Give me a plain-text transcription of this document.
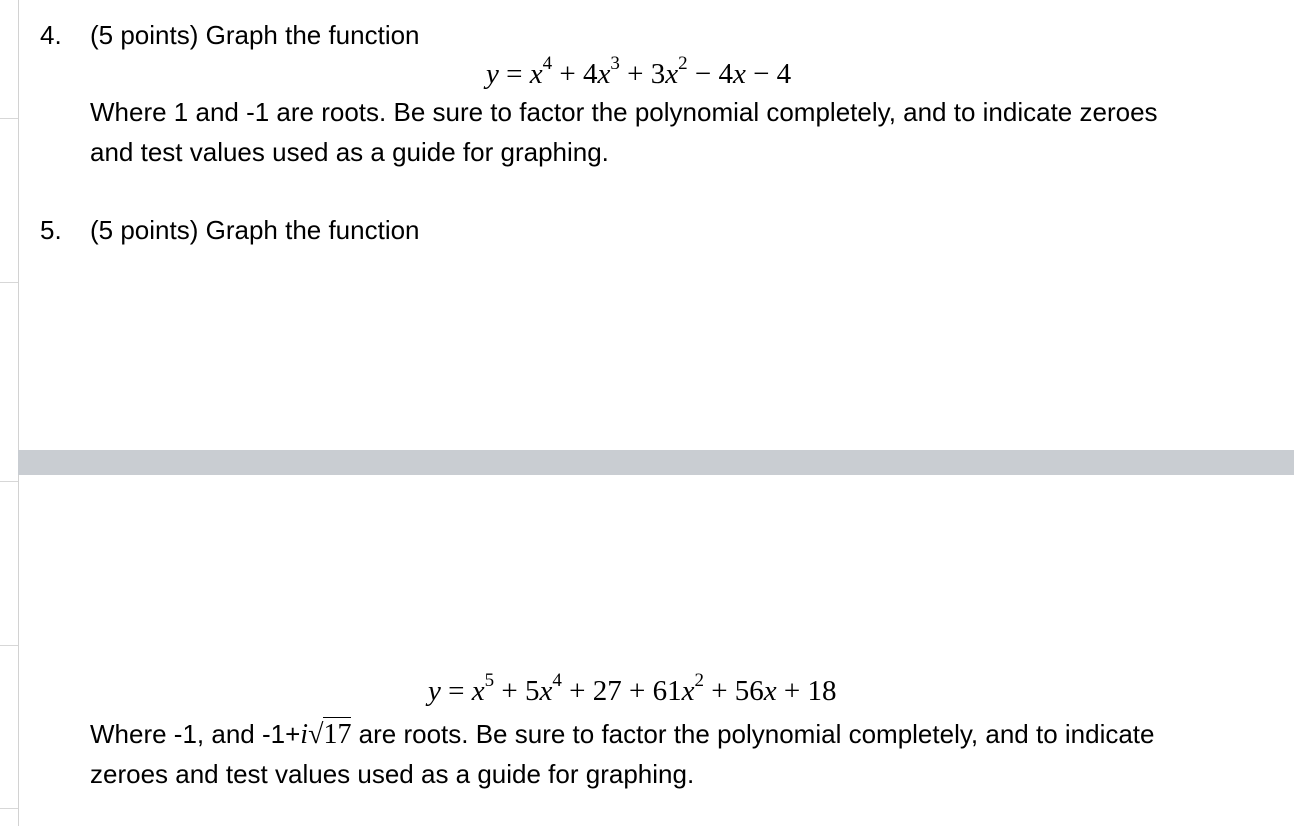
4. (5 points) Graph the function
$y = x^4 + 4x^3 + 3x^2 - 4x - 4$
Where 1 and -1 are roots. Be sure to factor the polynomial completely, and to indicate zeroes
and test values used as a guide for graphing.
5. (5 points) Graph the function
$y = x^5 + 5x^4 + 27 + 61x^2 + 56x + 18$
Where -1, and -1+i√17 are roots. Be sure to factor the polynomial completely, and to indicate
zeroes and test values used as a guide for graphing.
